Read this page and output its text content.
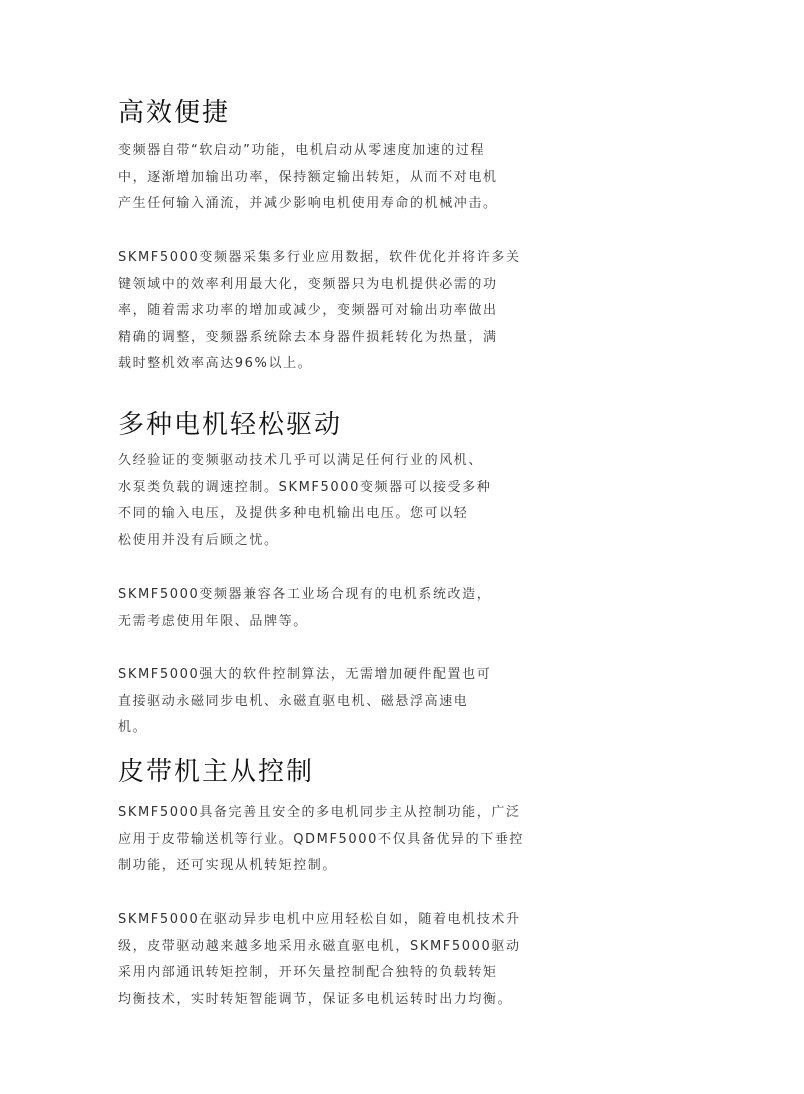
高效便捷
变频器自带“软启动”功能，电机启动从零速度加速的过程
中，逐渐增加输出功率，保持额定输出转矩，从而不对电机
产生任何输入涌流，并减少影响电机使用寿命的机械冲击。
SKMF5000变频器采集多行业应用数据，软件优化并将许多关
键领域中的效率利用最大化，变频器只为电机提供必需的功
率，随着需求功率的增加或减少，变频器可对输出功率做出
精确的调整，变频器系统除去本身器件损耗转化为热量，满
载时整机效率高达96%以上。
多种电机轻松驱动
久经验证的变频驱动技术几乎可以满足任何行业的风机、
水泵类负载的调速控制。SKMF5000变频器可以接受多种
不同的输入电压，及提供多种电机输出电压。您可以轻
松使用并没有后顾之忧。
SKMF5000变频器兼容各工业场合现有的电机系统改造，
无需考虑使用年限、品牌等。
SKMF5000强大的软件控制算法，无需增加硬件配置也可
直接驱动永磁同步电机、永磁直驱电机、磁悬浮高速电
机。
皮带机主从控制
SKMF5000具备完善且安全的多电机同步主从控制功能，广泛
应用于皮带输送机等行业。QDMF5000不仅具备优异的下垂控
制功能，还可实现从机转矩控制。
SKMF5000在驱动异步电机中应用轻松自如，随着电机技术升
级，皮带驱动越来越多地采用永磁直驱电机，SKMF5000驱动
采用内部通讯转矩控制，开环矢量控制配合独特的负载转矩
均衡技术，实时转矩智能调节，保证多电机运转时出力均衡。
